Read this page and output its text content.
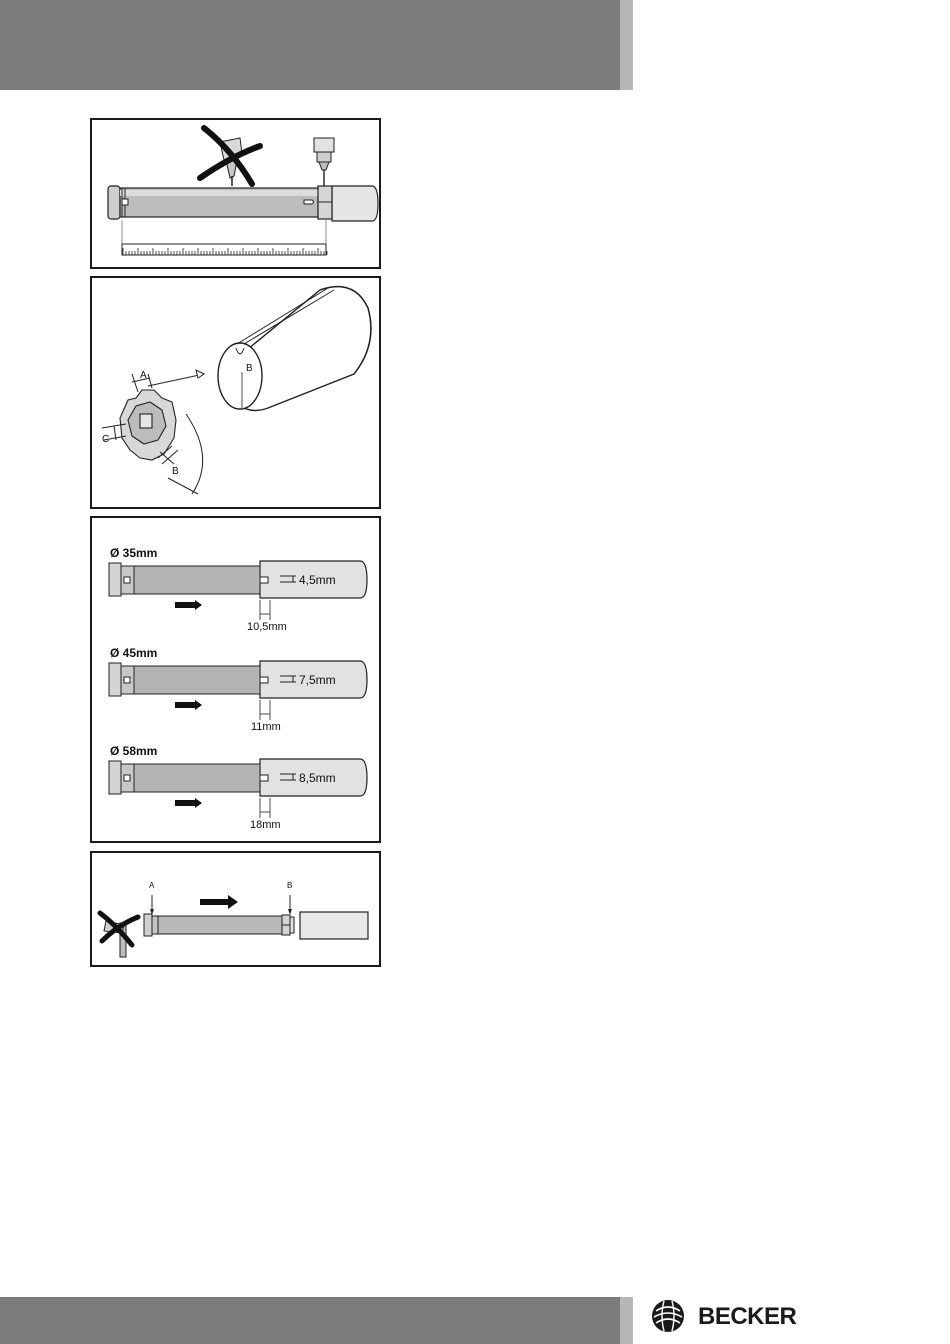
A
B
C
B
Ø 35mm
4,5mm
10,5mm
Ø 45mm
7,5mm
11mm
Ø 58mm
8,5mm
18mm
A	B
BECKER
